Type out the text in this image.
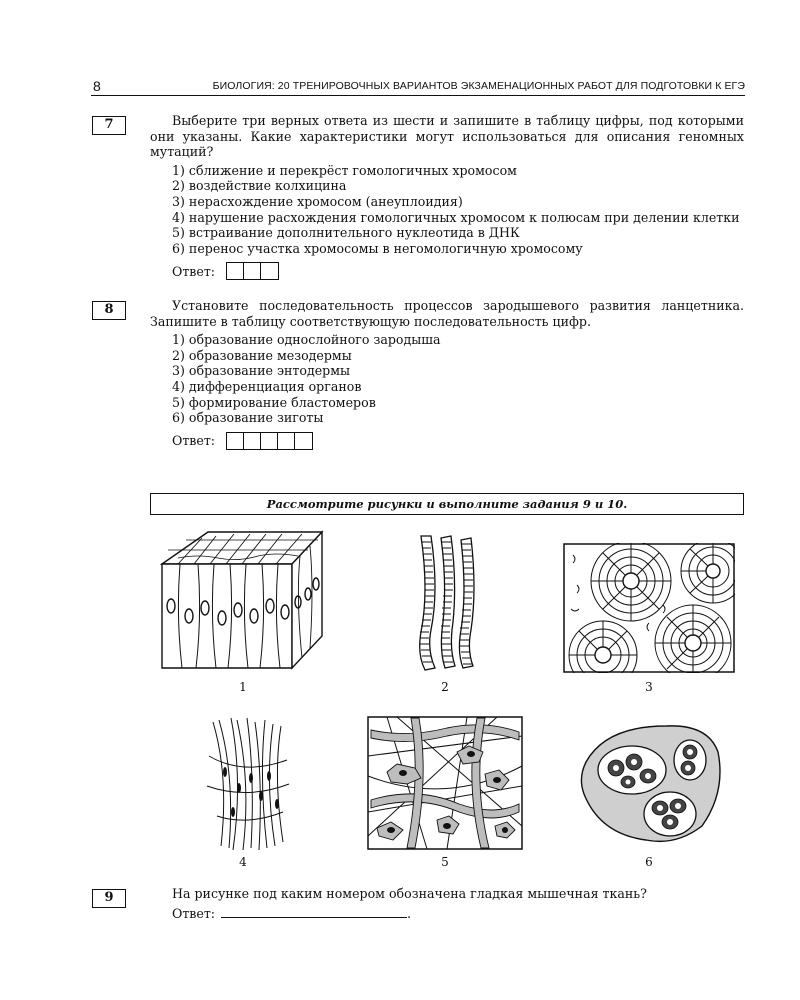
8	БИОЛОГИЯ: 20 ТРЕНИРОВОЧНЫХ ВАРИАНТОВ ЭКЗАМЕНАЦИОННЫХ РАБОТ ДЛЯ ПОДГОТОВКИ К ЕГЭ
7	Выберите три верных ответа из шести и запишите в таблицу цифры, под которыми они указаны. Какие характеристики могут использоваться для описания геномных мутаций?

1) сближение и перекрёст гомологичных хромосом
2) воздействие колхицина
3) нерасхождение хромосом (анеуплоидия)
4) нарушение расхождения гомологичных хромосом к полюсам при делении клетки
5) встраивание дополнительного нуклеотида в ДНК
6) перенос участка хромосомы в негомологичную хромосому
Ответ:
8	Установите последовательность процессов зародышевого развития ланцетника. Запишите в таблицу соответствующую последовательность цифр.

1) образование однослойного зародыша
2) образование мезодермы
3) образование энтодермы
4) дифференциация органов
5) формирование бластомеров
6) образование зиготы
Ответ:
Рассмотрите рисунки и выполните задания 9 и 10.
1	2	3
4	5	6
9	На рисунке под каким номером обозначена гладкая мышечная ткань?

Ответ:	.
